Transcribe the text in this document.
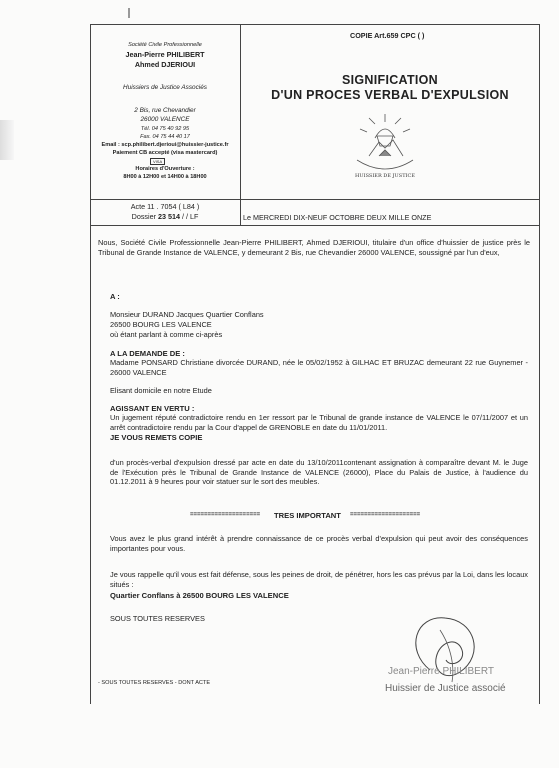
Société Civile Professionnelle
Jean-Pierre PHILIBERT
Ahmed DJERIOUI
Huissiers de Justice Associés
2 Bis, rue Chevandier
26000 VALENCE
Tél. 04 75 40 92 95
Fax. 04 75 44 40 17
Email : scp.philibert.djerioui@huissier-justice.fr
Paiement CB accepté (visa mastercard)
VISA
Horaires d'Ouverture :
8H00 à 12H00 et 14H00 à 18H00
COPIE Art.659 CPC ( )
SIGNIFICATION
D'UN PROCES VERBAL D'EXPULSION
HUISSIER DE JUSTICE
Acte 11 . 7054 ( L84 )
Dossier 23 514 / / LF	Le MERCREDI DIX-NEUF OCTOBRE DEUX MILLE ONZE
Nous, Société Civile Professionnelle Jean-Pierre PHILIBERT, Ahmed DJERIOUI, titulaire d'un office d'huissier de justice près le Tribunal de Grande Instance de VALENCE, y demeurant 2 Bis, rue Chevandier 26000 VALENCE, soussigné par l'un d'eux,
A :
Monsieur DURAND Jacques Quartier Conflans
26500 BOURG LES VALENCE
où étant parlant à comme ci-après
A LA DEMANDE DE :
Madame PONSARD Christiane divorcée DURAND, née le 05/02/1952 à GILHAC ET BRUZAC demeurant 22 rue Guynemer - 26000 VALENCE
Elisant domicile en notre Etude
AGISSANT EN VERTU :
Un jugement réputé contradictoire rendu en 1er ressort par le Tribunal de grande instance de VALENCE le 07/11/2007 et un arrêt contradictoire rendu par la Cour d'appel de GRENOBLE en date du 11/01/2011.
JE VOUS REMETS COPIE
d'un procès-verbal d'expulsion dressé par acte en date du 13/10/2011contenant assignation à comparaître devant M. le Juge de l'Exécution près le Tribunal de Grande Instance de VALENCE (26000), Place du Palais de Justice, à l'audience du 01.12.2011 à 9 heures pour voir statuer sur le sort des meubles.
==================== TRES IMPORTANT ====================
Vous avez le plus grand intérêt à prendre connaissance de ce procès verbal d'expulsion qui peut avoir des conséquences importantes pour vous.
Je vous rappelle qu'il vous est fait défense, sous les peines de droit, de pénétrer, hors les cas prévus par la Loi, dans les locaux situés :
Quartier Conflans à 26500 BOURG LES VALENCE
SOUS TOUTES RESERVES
- SOUS TOUTES RESERVES - DONT ACTE
Jean-Pierre PHILIBERT
Huissier de Justice associé
